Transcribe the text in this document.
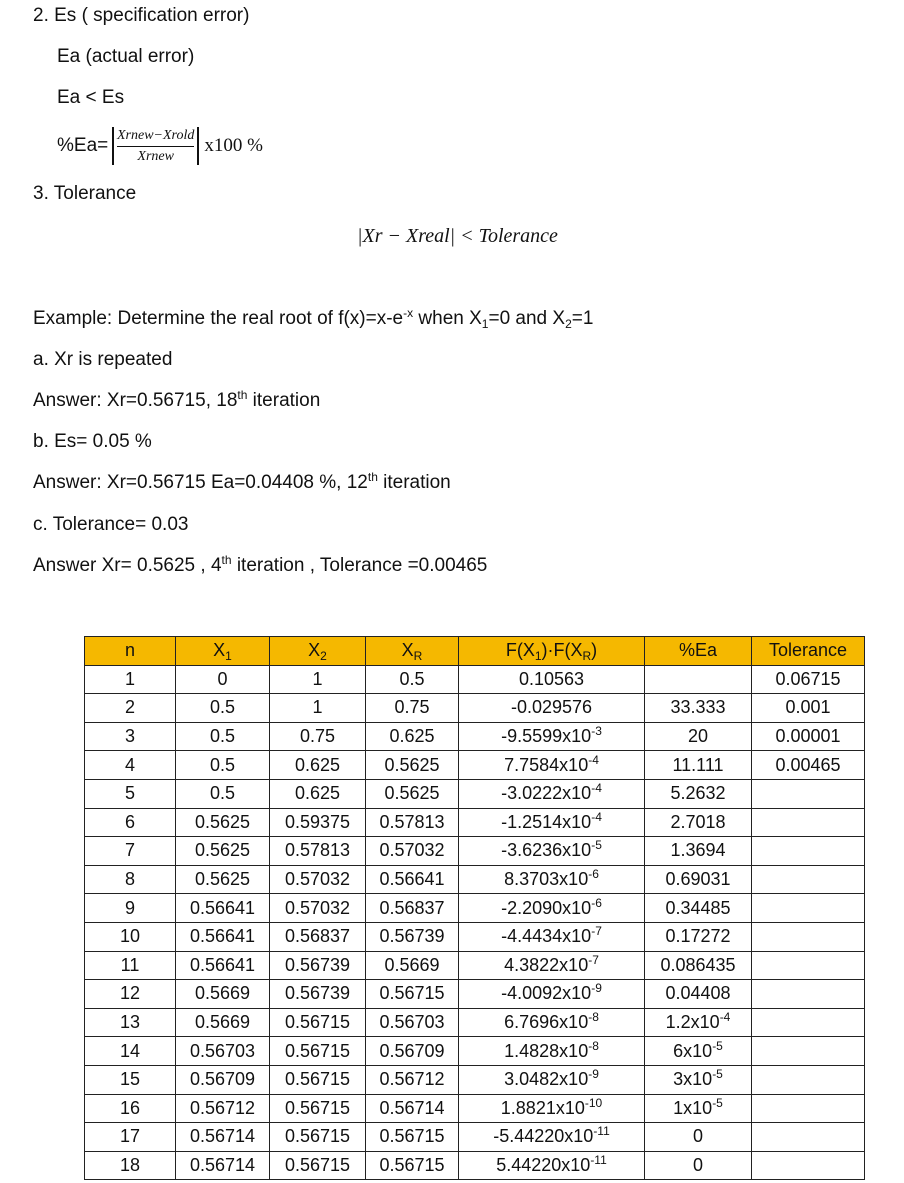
2. Es ( specification error)
Ea (actual error)
Ea < Es
$\%Ea= \frac{\text{Xrnew−Xrold}}{\text{Xrnew}} x100$ %
3. Tolerance
|Xr − Xreal| < Tolerance
Example: Determine the real root of $f(x)=x-e^{-x}$ when $X_1=0$ and $X_2=1$
a. Xr is repeated
Answer: Xr=0.56715, 18th iteration
b. Es= 0.05 %
Answer: Xr=0.56715 Ea=0.04408 %, 12th iteration
c. Tolerance= 0.03
Answer Xr= 0.5625 , 4th iteration , Tolerance =0.00465
n	$X_1$	$X_2$	$X_R$	$F(X_1)\cdot F(X_R)$	%Ea	Tolerance
1	0	1	0.5	0.10563		0.06715
2	0.5	1	0.75	-0.029576	33.333	0.001
3	0.5	0.75	0.625	$-9.5599x10^{-3}$	20	0.00001
4	0.5	0.625	0.5625	$7.7584x10^{-4}$	11.111	0.00465
5	0.5	0.625	0.5625	$-3.0222x10^{-4}$	5.2632	
6	0.5625	0.59375	0.57813	$-1.2514x10^{-4}$	2.7018	
7	0.5625	0.57813	0.57032	$-3.6236x10^{-5}$	1.3694	
8	0.5625	0.57032	0.56641	$8.3703x10^{-6}$	0.69031	
9	0.56641	0.57032	0.56837	$-2.2090x10^{-6}$	0.34485	
10	0.56641	0.56837	0.56739	$-4.4434x10^{-7}$	0.17272	
11	0.56641	0.56739	0.5669	$4.3822x10^{-7}$	0.086435	
12	0.5669	0.56739	0.56715	$-4.0092x10^{-9}$	0.04408	
13	0.5669	0.56715	0.56703	$6.7696x10^{-8}$	$1.2x10^{-4}$	
14	0.56703	0.56715	0.56709	$1.4828x10^{-8}$	$6x10^{-5}$	
15	0.56709	0.56715	0.56712	$3.0482x10^{-9}$	$3x10^{-5}$	
16	0.56712	0.56715	0.56714	$1.8821x10^{-10}$	$1x10^{-5}$	
17	0.56714	0.56715	0.56715	$-5.44220x10^{-11}$	0	
18	0.56714	0.56715	0.56715	$5.44220x10^{-11}$	0	
